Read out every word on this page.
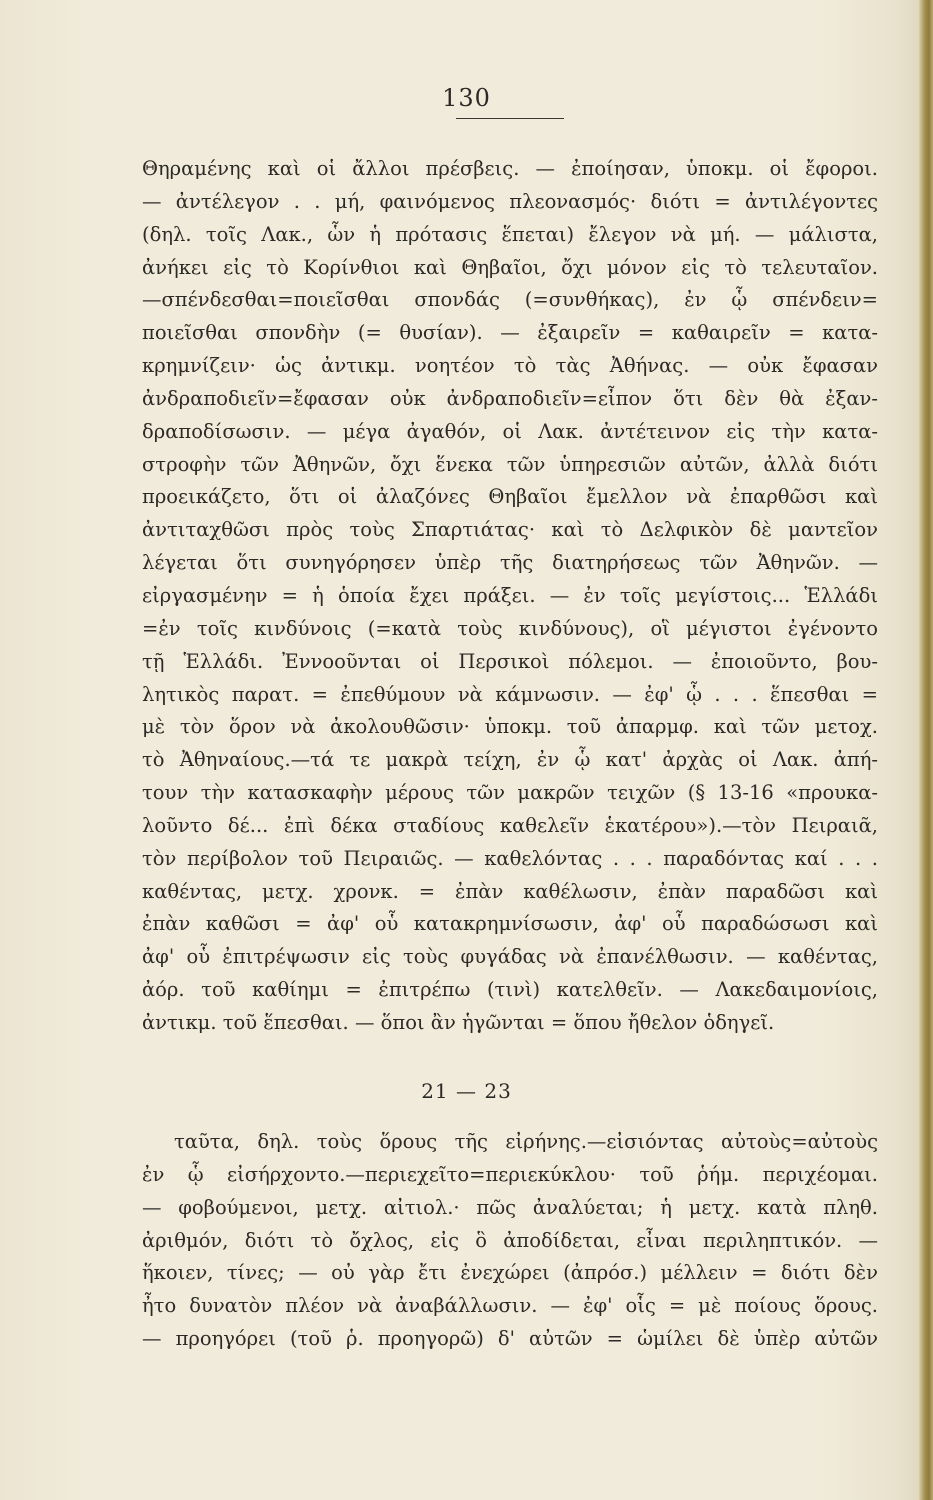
130
Θηραμένης καὶ οἱ ἄλλοι πρέσβεις. — ἐποίησαν, ὑποκμ. οἱ ἔφοροι.
— ἀντέλεγον . . μή, φαινόμενος πλεονασμός· διότι = ἀντιλέγοντες
(δηλ. τοῖς Λακ., ὧν ἡ πρότασις ἕπεται) ἔλεγον νὰ μή. — μάλιστα,
ἀνήκει εἰς τὸ Κορίνθιοι καὶ Θηβαῖοι, ὄχι μόνον εἰς τὸ τελευταῖον.
—σπένδεσθαι=ποιεῖσθαι σπονδάς (=συνθήκας), ἐν ᾧ σπένδειν=
ποιεῖσθαι σπονδὴν (= θυσίαν). — ἐξαιρεῖν = καθαιρεῖν = κατα-
κρημνίζειν· ὡς ἀντικμ. νοητέον τὸ τὰς Ἀθήνας. — οὐκ ἔφασαν
ἀνδραποδιεῖν=ἔφασαν οὐκ ἀνδραποδιεῖν=εἶπον ὅτι δὲν θὰ ἐξαν-
δραποδίσωσιν. — μέγα ἀγαθόν, οἱ Λακ. ἀντέτεινον εἰς τὴν κατα-
στροφὴν τῶν Ἀθηνῶν, ὄχι ἕνεκα τῶν ὑπηρεσιῶν αὐτῶν, ἀλλὰ διότι
προεικάζετο, ὅτι οἱ ἀλαζόνες Θηβαῖοι ἔμελλον νὰ ἐπαρθῶσι καὶ
ἀντιταχθῶσι πρὸς τοὺς Σπαρτιάτας· καὶ τὸ Δελφικὸν δὲ μαντεῖον
λέγεται ὅτι συνηγόρησεν ὑπὲρ τῆς διατηρήσεως τῶν Ἀθηνῶν. —
εἰργασμένην = ἡ ὁποία ἔχει πράξει. — ἐν τοῖς μεγίστοις... Ἑλλάδι
=ἐν τοῖς κινδύνοις (=κατὰ τοὺς κινδύνους), οἳ μέγιστοι ἐγένοντο
τῇ Ἑλλάδι. Ἐννοοῦνται οἱ Περσικοὶ πόλεμοι. — ἐποιοῦντο, βου-
λητικὸς παρατ. = ἐπεθύμουν νὰ κάμνωσιν. — ἐφ' ᾧ . . . ἕπεσθαι =
μὲ τὸν ὅρον νὰ ἀκολουθῶσιν· ὑποκμ. τοῦ ἀπαρμφ. καὶ τῶν μετοχ.
τὸ Ἀθηναίους.—τά τε μακρὰ τείχη, ἐν ᾧ κατ' ἀρχὰς οἱ Λακ. ἀπή-
τουν τὴν κατασκαφὴν μέρους τῶν μακρῶν τειχῶν (§ 13-16 «προυκα-
λοῦντο δέ... ἐπὶ δέκα σταδίους καθελεῖν ἑκατέρου»).—τὸν Πειραιᾶ,
τὸν περίβολον τοῦ Πειραιῶς. — καθελόντας . . . παραδόντας καί . . .
καθέντας, μετχ. χρονκ. = ἐπὰν καθέλωσιν, ἐπὰν παραδῶσι καὶ
ἐπὰν καθῶσι = ἀφ' οὗ κατακρημνίσωσιν, ἀφ' οὗ παραδώσωσι καὶ
ἀφ' οὗ ἐπιτρέψωσιν εἰς τοὺς φυγάδας νὰ ἐπανέλθωσιν. — καθέντας,
ἀόρ. τοῦ καθίημι = ἐπιτρέπω (τινὶ) κατελθεῖν. — Λακεδαιμονίοις,
ἀντικμ. τοῦ ἕπεσθαι. — ὅποι ἂν ἡγῶνται = ὅπου ἤθελον ὁδηγεῖ.
21 — 23
ταῦτα, δηλ. τοὺς ὅρους τῆς εἰρήνης.—εἰσιόντας αὐτοὺς=αὐτοὺς
ἐν ᾧ εἰσήρχοντο.—περιεχεῖτο=περιεκύκλου· τοῦ ῥήμ. περιχέομαι.
— φοβούμενοι, μετχ. αἰτιολ.· πῶς ἀναλύεται; ἡ μετχ. κατὰ πληθ.
ἀριθμόν, διότι τὸ ὄχλος, εἰς ὃ ἀποδίδεται, εἶναι περιληπτικόν. —
ἥκοιεν, τίνες; — οὐ γὰρ ἔτι ἐνεχώρει (ἀπρόσ.) μέλλειν = διότι δὲν
ἦτο δυνατὸν πλέον νὰ ἀναβάλλωσιν. — ἐφ' οἷς = μὲ ποίους ὅρους.
— προηγόρει (τοῦ ῥ. προηγορῶ) δ' αὐτῶν = ὡμίλει δὲ ὑπὲρ αὐτῶν
